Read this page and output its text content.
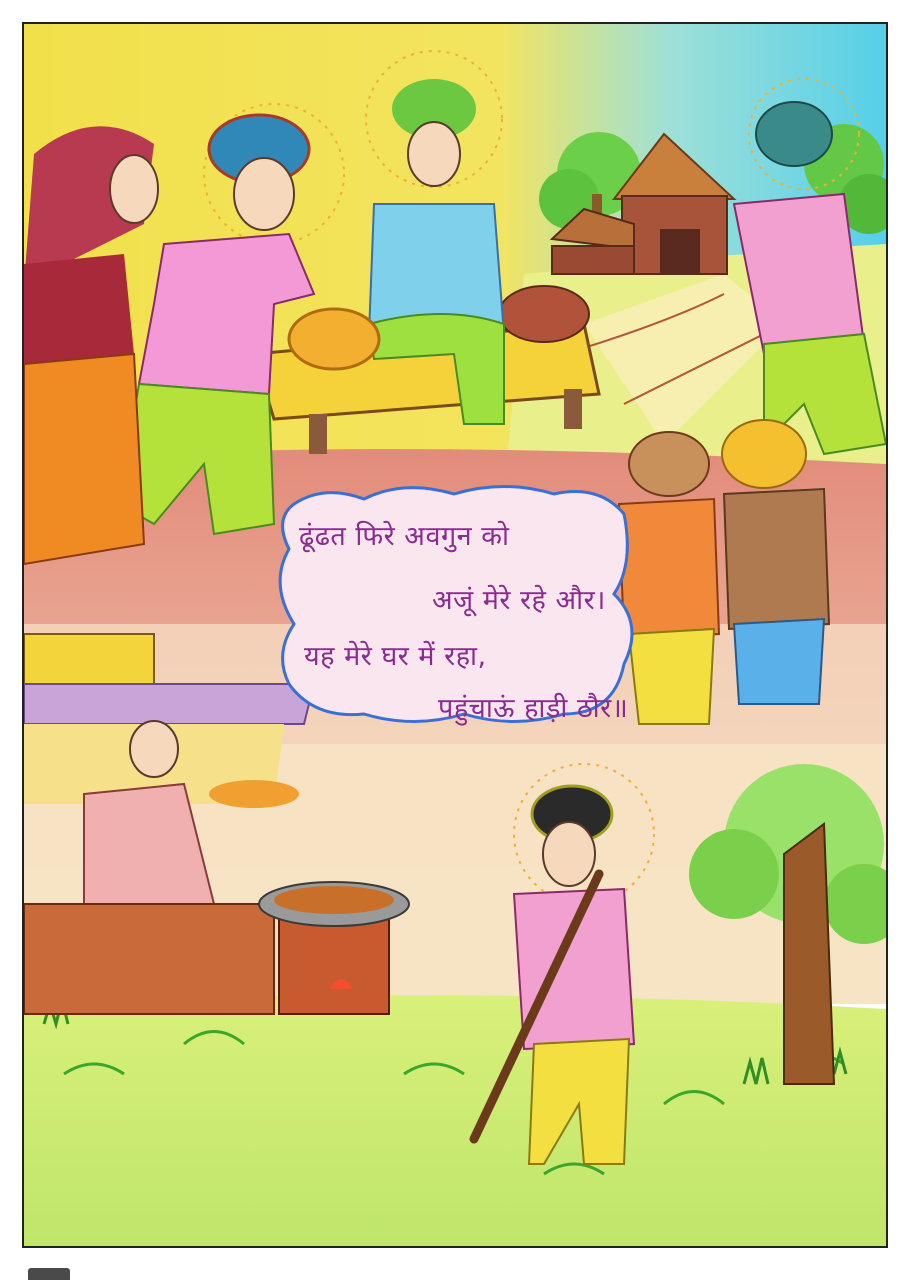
ढूंढत फिरे अवगुन को
अजूं मेरे रहे और।
यह मेरे घर में रहा,
पहुंचाऊं हाड़ी ठौर॥
